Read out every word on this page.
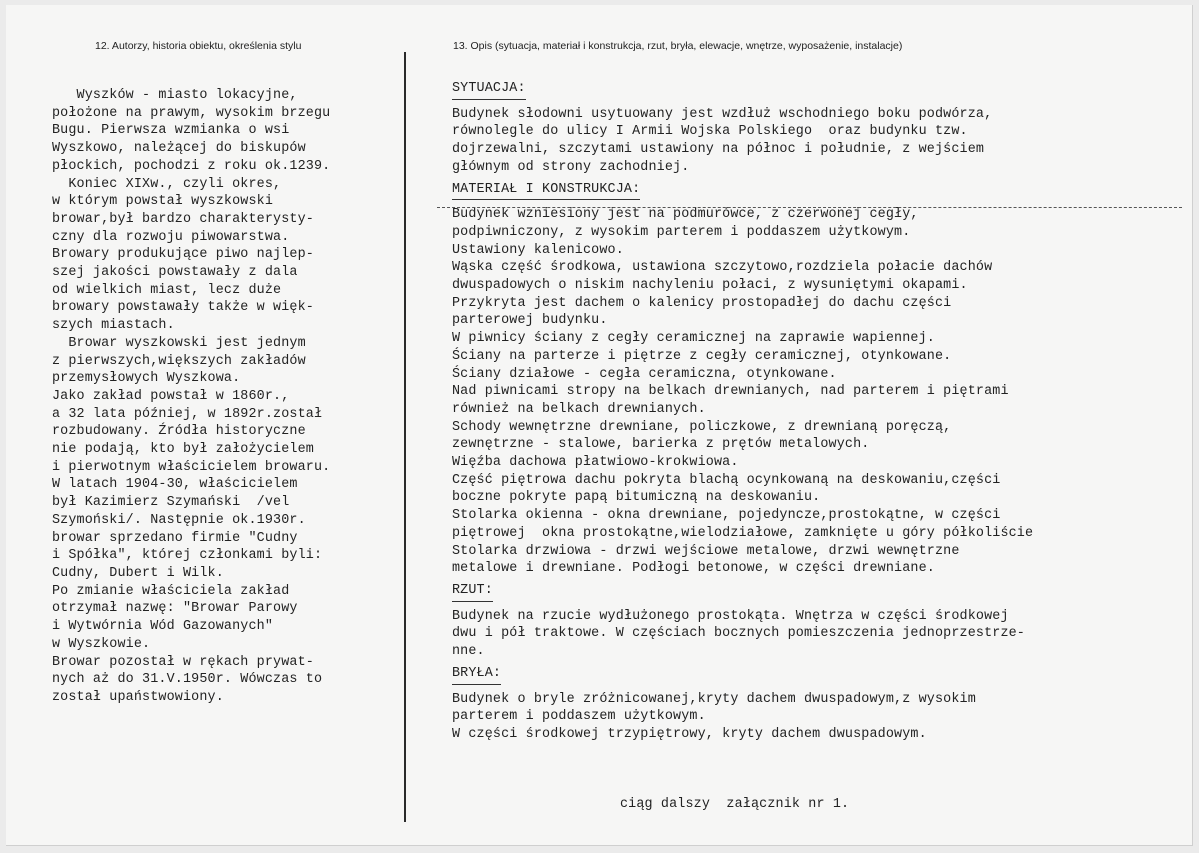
12. Autorzy, historia obiektu, określenia stylu	13. Opis (sytuacja, materiał i konstrukcja, rzut, bryła, elewacje, wnętrze, wyposażenie, instalacje)
Wyszków - miasto lokacyjne,
położone na prawym, wysokim brzegu
Bugu. Pierwsza wzmianka o wsi
Wyszkowo, należącej do biskupów
płockich, pochodzi z roku ok.1239.
Koniec XIXw., czyli okres,
w którym powstał wyszkowski
browar,był bardzo charakterysty-
czny dla rozwoju piwowarstwa.
Browary produkujące piwo najlep-
szej jakości powstawały z dala
od wielkich miast, lecz duże
browary powstawały także w więk-
szych miastach.
Browar wyszkowski jest jednym
z pierwszych,większych zakładów
przemysłowych Wyszkowa.
Jako zakład powstał w 1860r.,
a 32 lata później, w 1892r.został
rozbudowany. Źródła historyczne
nie podają, kto był założycielem
i pierwotnym właścicielem browaru.
W latach 1904-30, właścicielem
był Kazimierz Szymański  /vel
Szymoński/. Następnie ok.1930r.
browar sprzedano firmie "Cudny
i Spółka", której członkami byli:
Cudny, Dubert i Wilk.
Po zmianie właściciela zakład
otrzymał nazwę: "Browar Parowy
i Wytwórnia Wód Gazowanych"
w Wyszkowie.
Browar pozostał w rękach prywat-
nych aż do 31.V.1950r. Wówczas to
został upaństwowiony.
SYTUACJA:
Budynek słodowni usytuowany jest wzdłuż wschodniego boku podwórza,
równolegle do ulicy I Armii Wojska Polskiego  oraz budynku tzw.
dojrzewalni, szczytami ustawiony na północ i południe, z wejściem
głównym od strony zachodniej.
MATERIAŁ I KONSTRUKCJA:
Budynek wzniesiony jest na podmurówce, z czerwonej cegły,
podpiwniczony, z wysokim parterem i poddaszem użytkowym.
Ustawiony kalenicowo.
Wąska część środkowa, ustawiona szczytowo,rozdziela połacie dachów
dwuspadowych o niskim nachyleniu połaci, z wysuniętymi okapami.
Przykryta jest dachem o kalenicy prostopadłej do dachu części
parterowej budynku.
W piwnicy ściany z cegły ceramicznej na zaprawie wapiennej.
Ściany na parterze i piętrze z cegły ceramicznej, otynkowane.
Ściany działowe - cegła ceramiczna, otynkowane.
Nad piwnicami stropy na belkach drewnianych, nad parterem i piętrami
również na belkach drewnianych.
Schody wewnętrzne drewniane, policzkowe, z drewnianą poręczą,
zewnętrzne - stalowe, barierka z prętów metalowych.
Więźba dachowa płatwiowo-krokwiowa.
Część piętrowa dachu pokryta blachą ocynkowaną na deskowaniu,części
boczne pokryte papą bitumiczną na deskowaniu.
Stolarka okienna - okna drewniane, pojedyncze,prostokątne, w części
piętrowej  okna prostokątne,wielodziałowe, zamknięte u góry półkoliście
Stolarka drzwiowa - drzwi wejściowe metalowe, drzwi wewnętrzne
metalowe i drewniane. Podłogi betonowe, w części drewniane.
RZUT:
Budynek na rzucie wydłużonego prostokąta. Wnętrza w części środkowej
dwu i pół traktowe. W częściach bocznych pomieszczenia jednoprzestrze-
nne.
BRYŁA:
Budynek o bryle zróżnicowanej,kryty dachem dwuspadowym,z wysokim
parterem i poddaszem użytkowym.
W części środkowej trzypiętrowy, kryty dachem dwuspadowym.
ciąg dalszy  załącznik nr 1.
